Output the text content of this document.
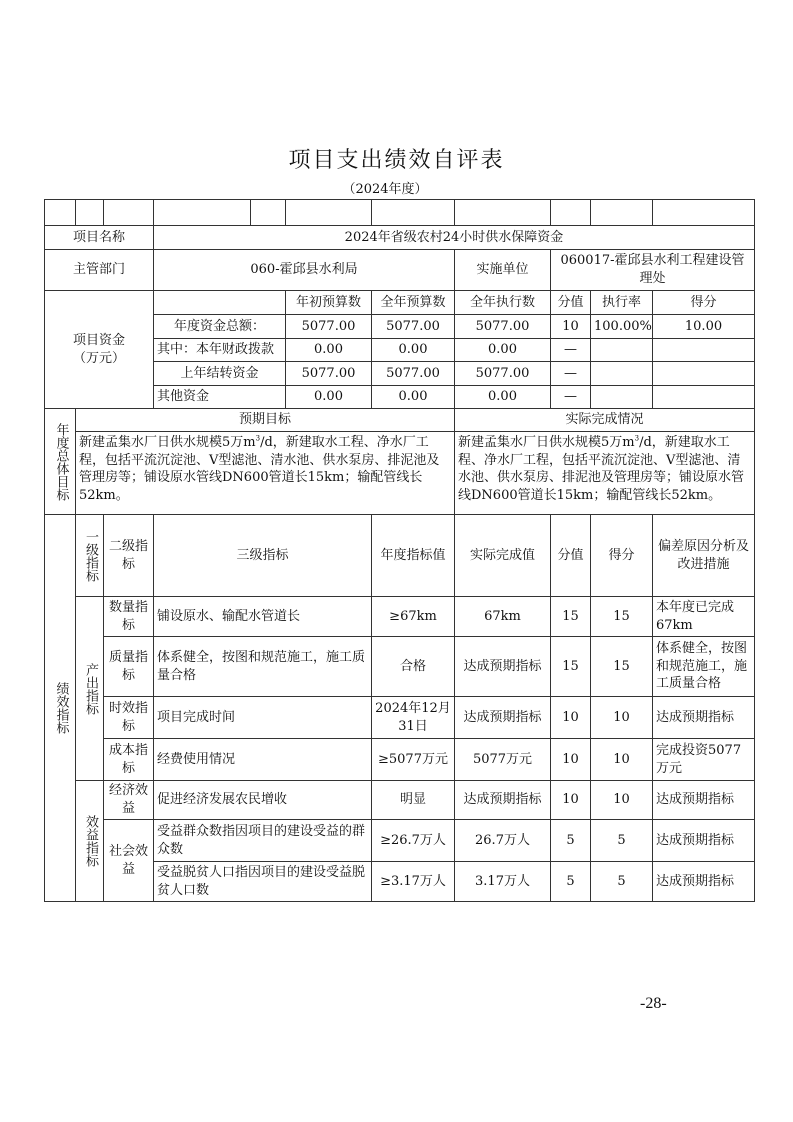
项目支出绩效自评表
（2024年度）

项目名称			2024年省级农村24小时供水保障资金							
主管部门			060-霍邱县水利局				实施单位	060017-霍邱县水利工程建设管理处		

项目资金
（万元）					年初预算数	全年预算数	全年执行数	分值	执行率	得分
			年度资金总额：		5077.00	5077.00	5077.00	10	100.00%	10.00
			其中：本年财政拨款		0.00	0.00	0.00	—		
			上年结转资金		5077.00	5077.00	5077.00	—		
			其他资金		0.00	0.00	0.00	—		
年度总体目标	预期目标						实际完成情况			
	新建孟集水厂日供水规模5万$m^3/d$，新建取水工程、净水厂工程，包括平流沉淀池、V型滤池、清水池、供水泵房、排泥池及管理房等；铺设原水管线DN600管道长15km；输配管线长52km。						新建孟集水厂日供水规模5万$m^3/d$，新建取水工程、净水厂工程，包括平流沉淀池、V型滤池、清水池、供水泵房、排泥池及管理房等；铺设原水管线DN600管道长15km；输配管线长52km。			
绩效指标	一级指标	二级指标	三级指标			年度指标值	实际完成值	分值	得分	偏差原因分析及改进措施
	产出指标	数量指标	铺设原水、输配水管道长			≥67km	67km	15	15	本年度已完成67km
		质量指标	体系健全，按图和规范施工，施工质量合格			合格	达成预期指标	15	15	体系健全，按图和规范施工，施工质量合格
		时效指标	项目完成时间			2024年12月31日	达成预期指标	10	10	达成预期指标
		成本指标	经费使用情况			≥5077万元	5077万元	10	10	完成投资5077万元
	效益指标	经济效益	促进经济发展农民增收			明显	达成预期指标	10	10	达成预期指标
		社会效益	受益群众数指因项目的建设受益的群众数			≥26.7万人	26.7万人	5	5	达成预期指标
			受益脱贫人口指因项目的建设受益脱贫人口数			≥3.17万人	3.17万人	5	5	达成预期指标
-28-
